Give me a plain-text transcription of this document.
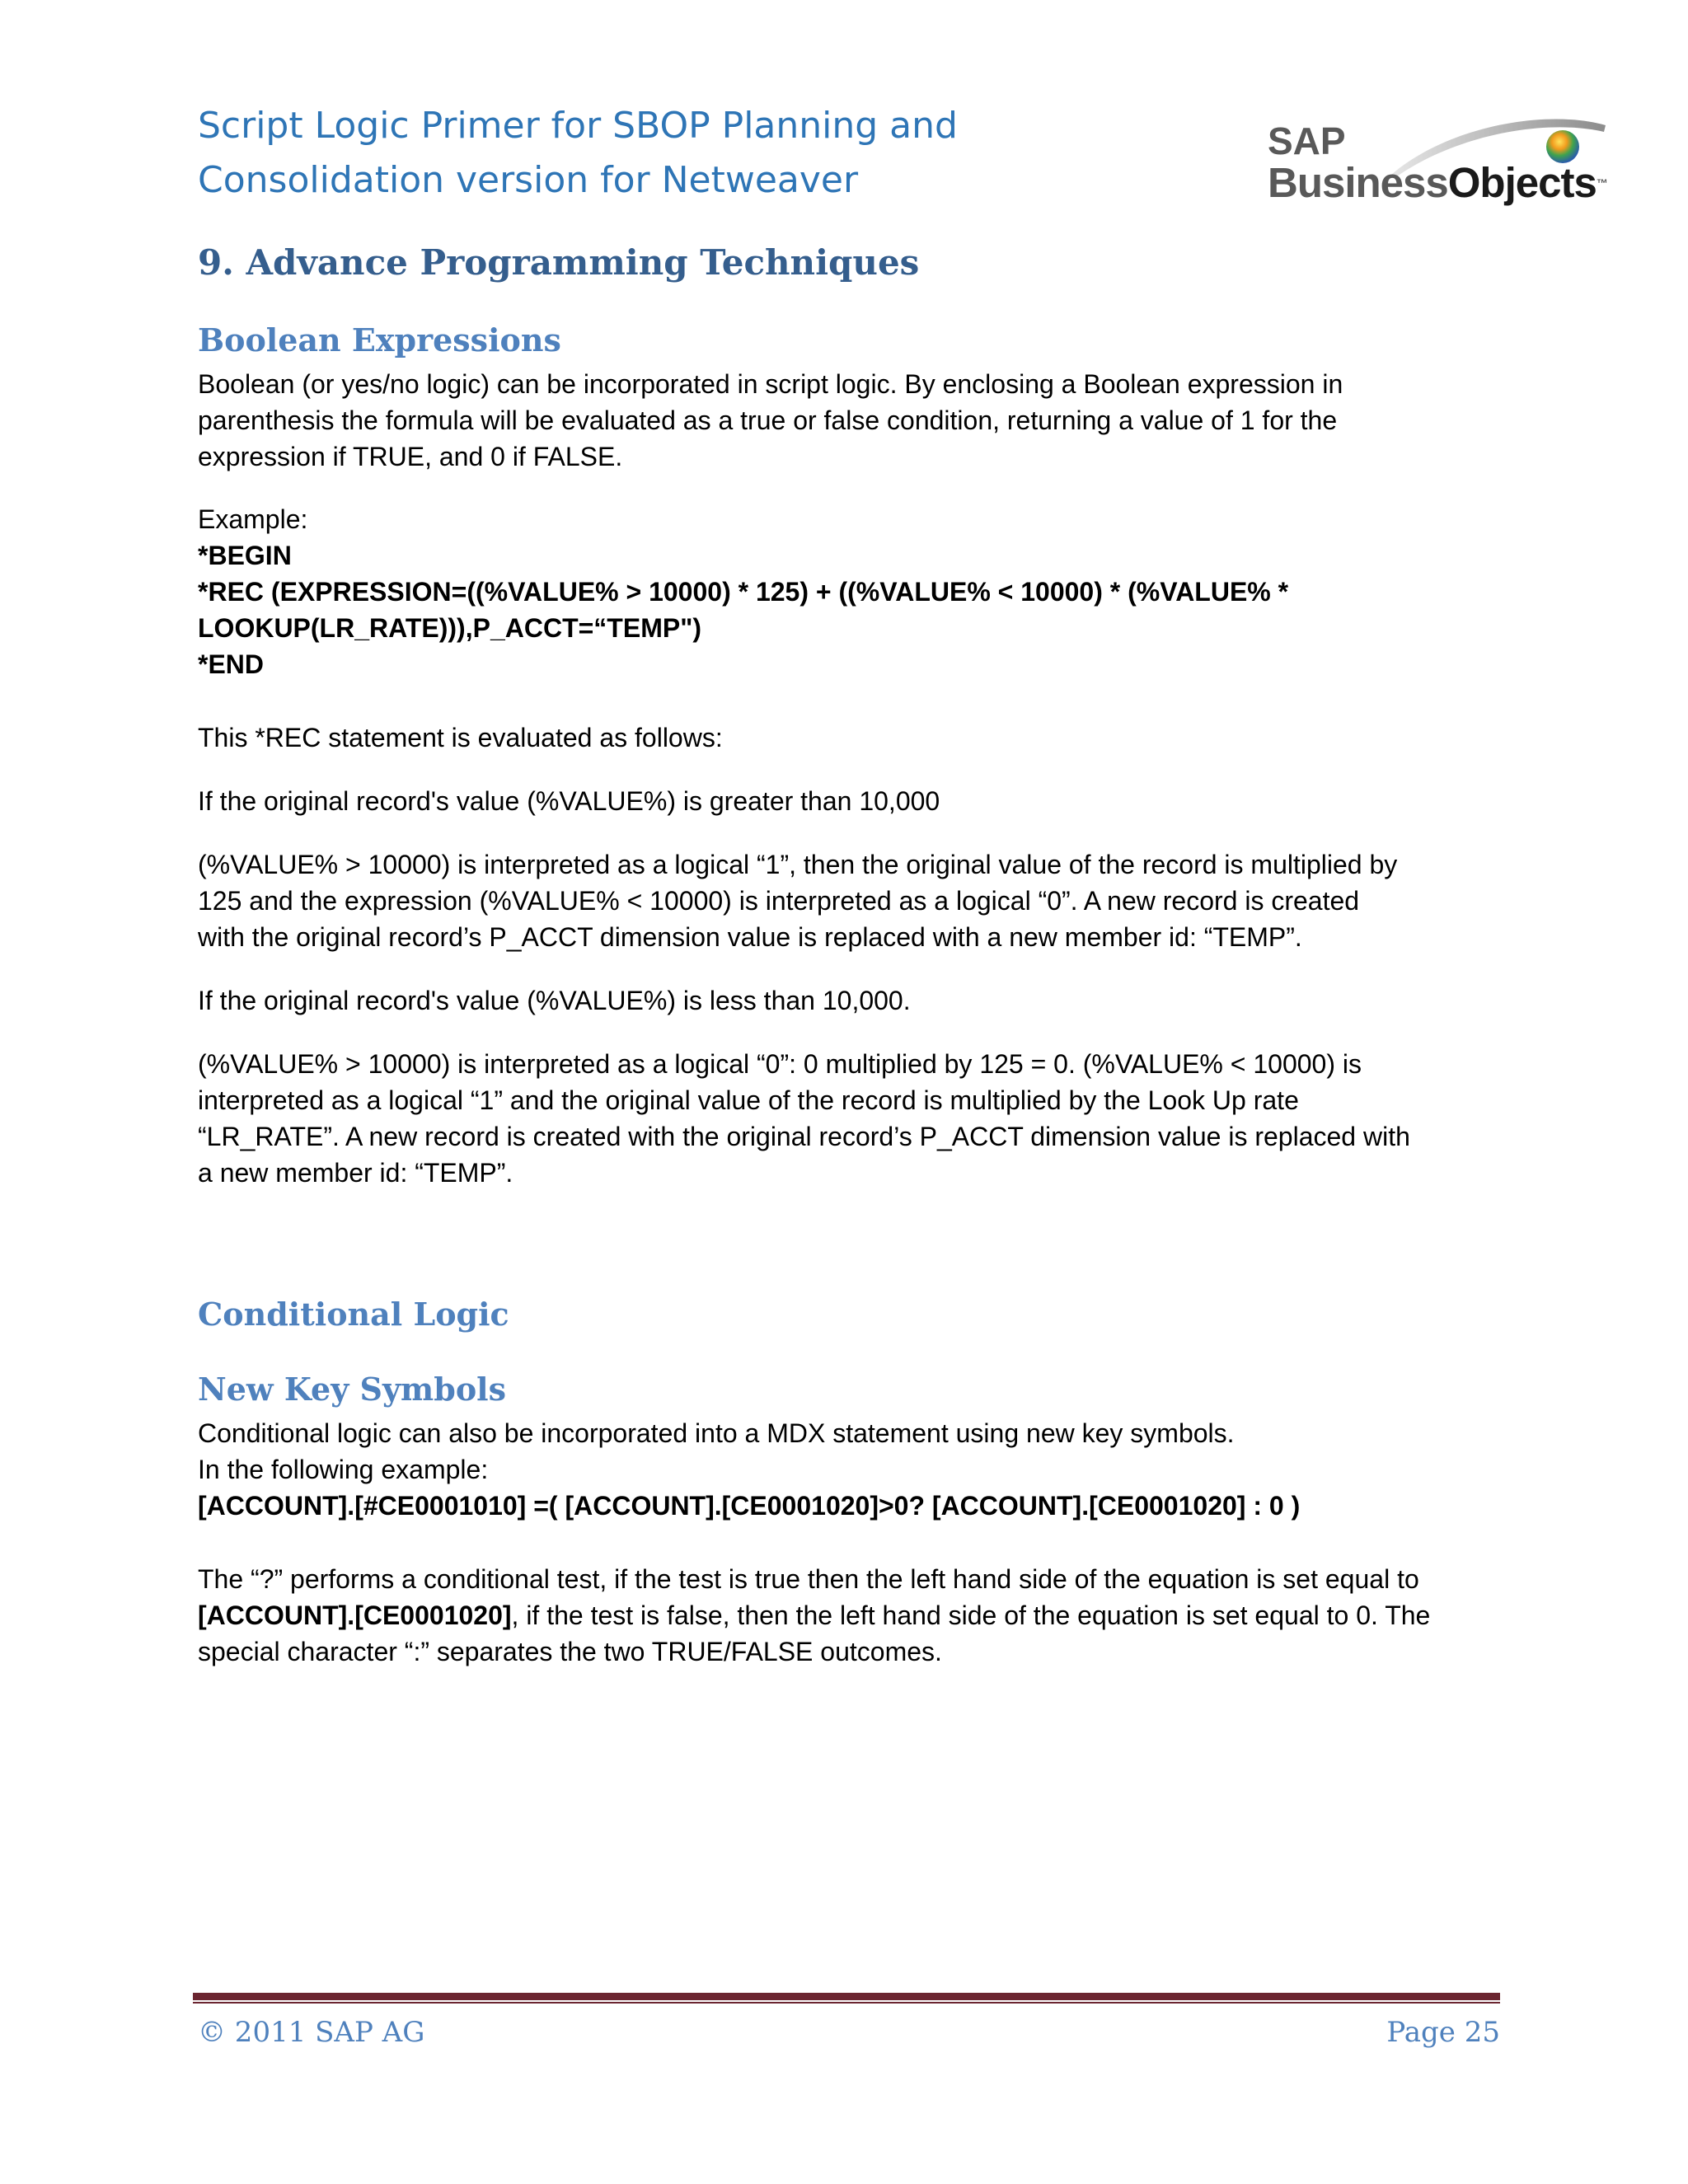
Script Logic Primer for SBOP Planning and
Consolidation version for Netweaver
SAP
BusinessObjects™
9. Advance Programming Techniques
Boolean Expressions
Boolean (or yes/no logic) can be incorporated in script logic. By enclosing a Boolean expression in
parenthesis the formula will be evaluated as a true or false condition, returning a value of 1 for the
expression if TRUE, and 0 if FALSE.
Example:
*BEGIN
*REC (EXPRESSION=((%VALUE% > 10000) * 125) + ((%VALUE% < 10000) * (%VALUE% *
LOOKUP(LR_RATE))),P_ACCT=“TEMP")
*END
This *REC statement is evaluated as follows:
If the original record's value (%VALUE%) is greater than 10,000
(%VALUE% > 10000) is interpreted as a logical “1”, then the original value of the record is multiplied by
125 and the expression (%VALUE% < 10000) is interpreted as a logical “0”. A new record is created
with the original record’s P_ACCT dimension value is replaced with a new member id: “TEMP”.
If the original record's value (%VALUE%) is less than 10,000.
(%VALUE% > 10000) is interpreted as a logical “0”: 0 multiplied by 125 = 0. (%VALUE% < 10000) is
interpreted as a logical “1” and the original value of the record is multiplied by the Look Up rate
“LR_RATE”. A new record is created with the original record’s P_ACCT dimension value is replaced with
a new member id: “TEMP”.
Conditional Logic
New Key Symbols
Conditional logic can also be incorporated into a MDX statement using new key symbols.
In the following example:
[ACCOUNT].[#CE0001010] =( [ACCOUNT].[CE0001020]>0? [ACCOUNT].[CE0001020] : 0 )
The “?” performs a conditional test, if the test is true then the left hand side of the equation is set equal to
[ACCOUNT].[CE0001020], if the test is false, then the left hand side of the equation is set equal to 0. The
special character “:” separates the two TRUE/FALSE outcomes.
© 2011 SAP AG	Page 25
